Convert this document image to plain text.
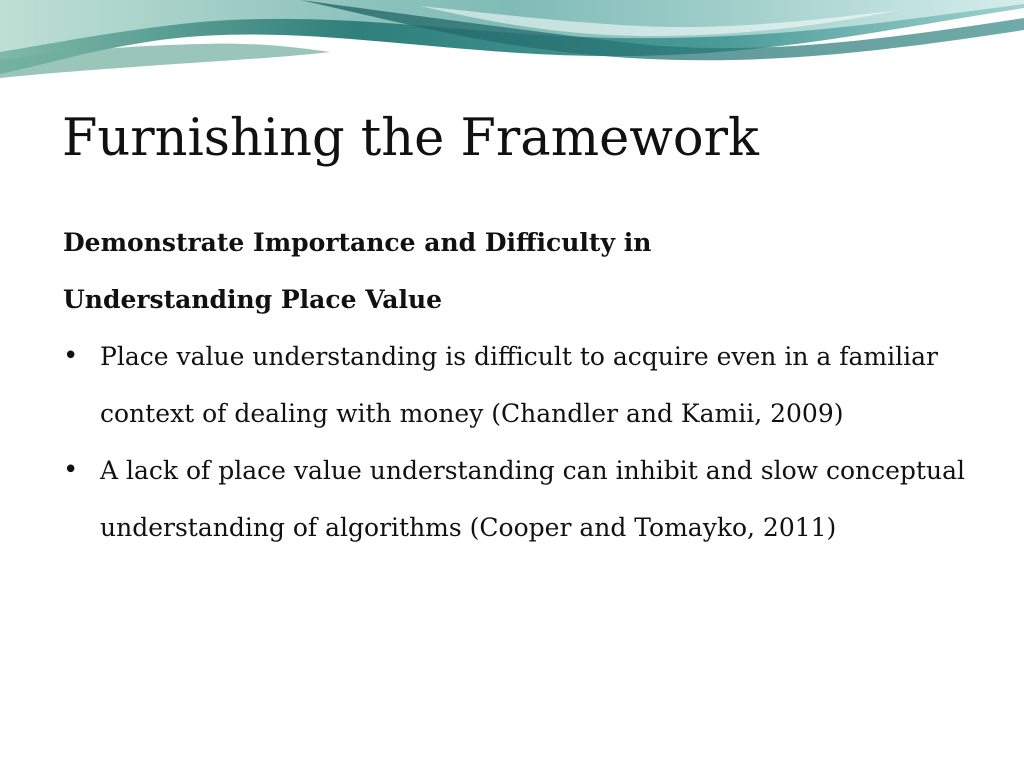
Furnishing the Framework

Demonstrate Importance and Difficulty in
Understanding Place Value

• Place value understanding is difficult to acquire even in a familiar context of dealing with money (Chandler and Kamii, 2009)
• A lack of place value understanding can inhibit and slow conceptual understanding of algorithms (Cooper and Tomayko, 2011)
